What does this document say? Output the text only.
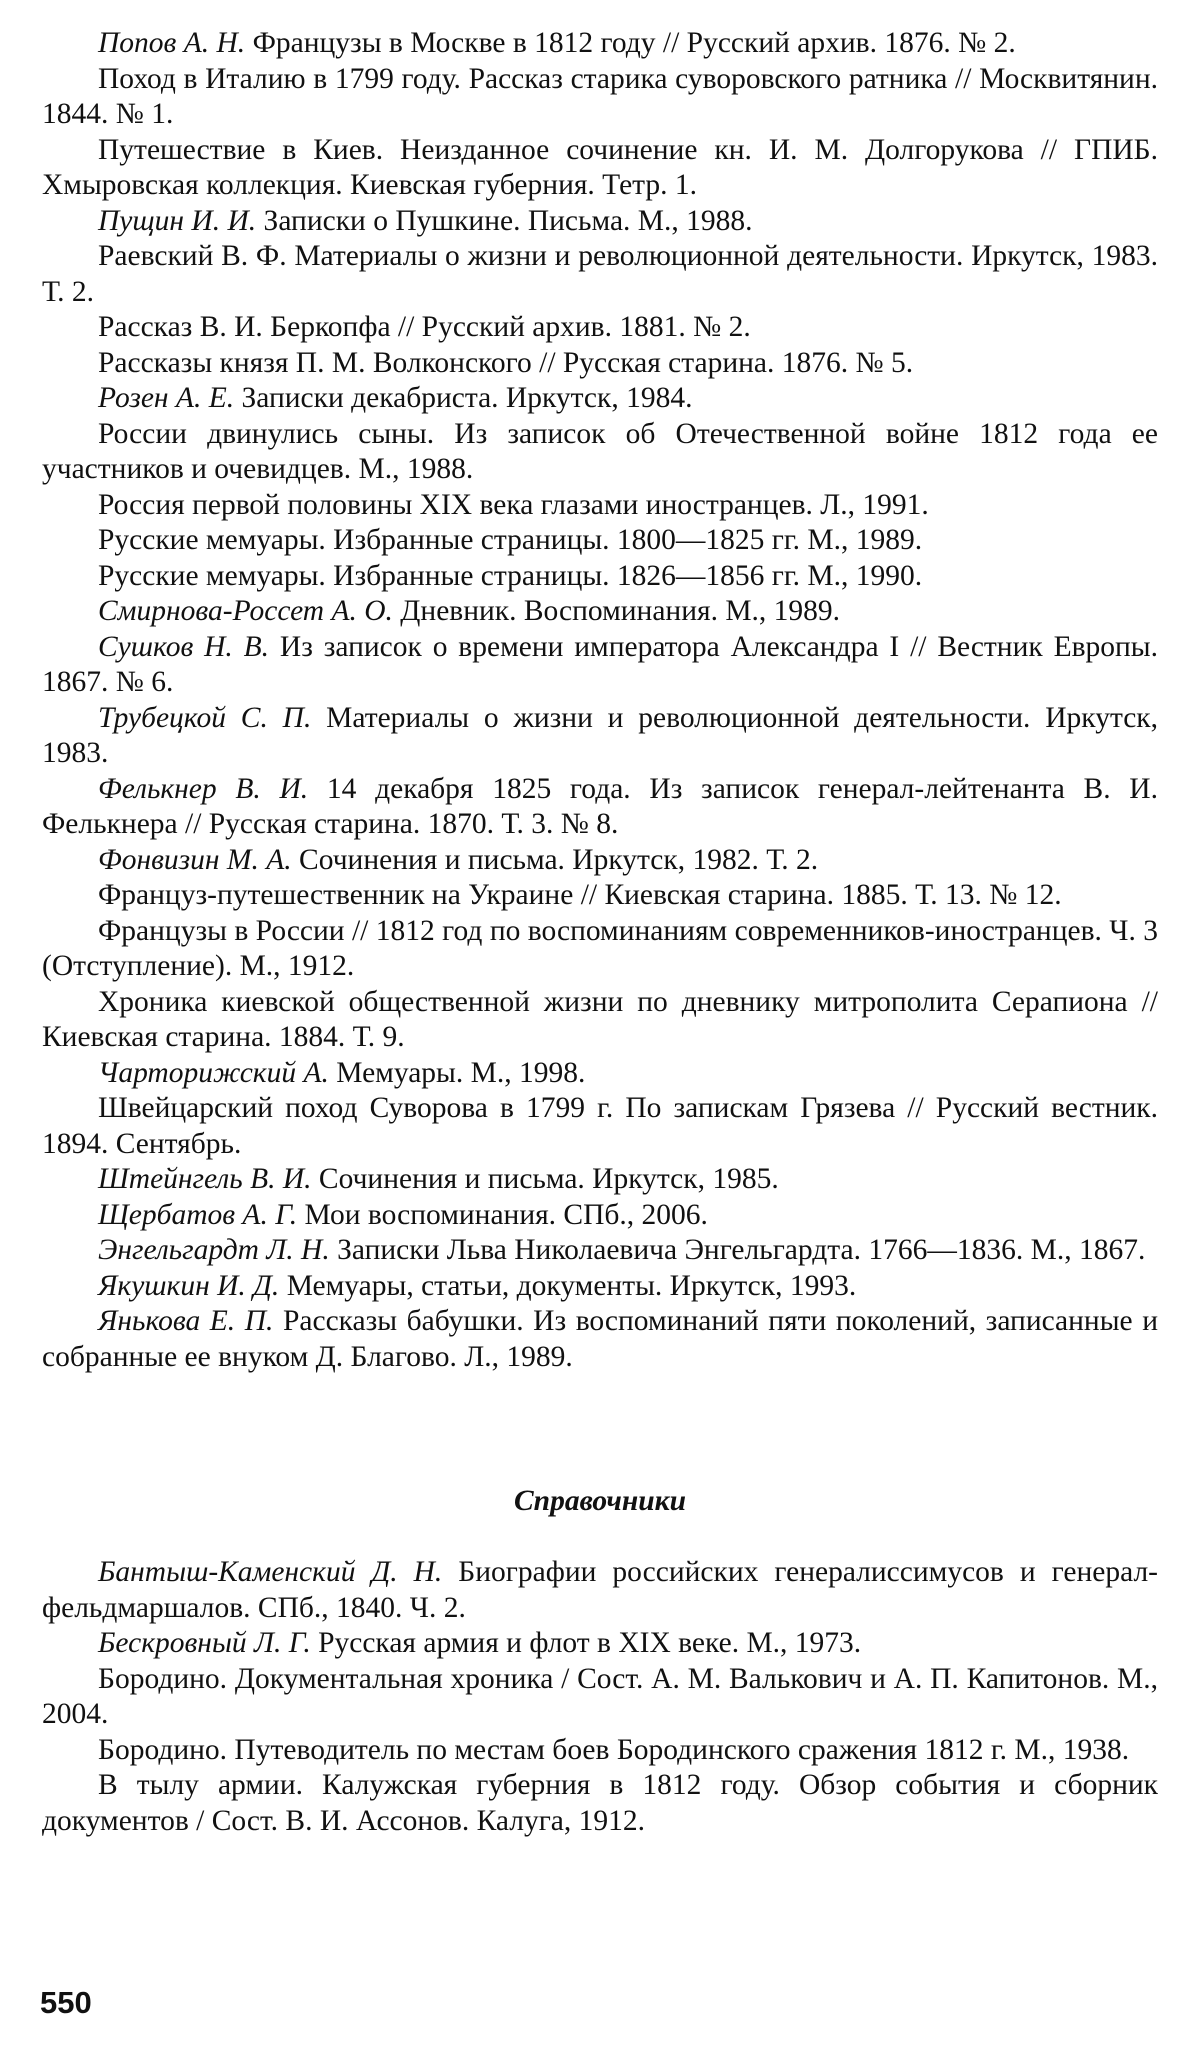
Попов А. Н. Французы в Москве в 1812 году // Русский архив. 1876. № 2.

Поход в Италию в 1799 году. Рассказ старика суворовского ратника // Москвитянин. 1844. № 1.

Путешествие в Киев. Неизданное сочинение кн. И. М. Долгорукова // ГПИБ. Хмыровская коллекция. Киевская губерния. Тетр. 1.

Пущин И. И. Записки о Пушкине. Письма. М., 1988.

Раевский В. Ф. Материалы о жизни и революционной деятельности. Иркутск, 1983. Т. 2.

Рассказ В. И. Беркопфа // Русский архив. 1881. № 2.

Рассказы князя П. М. Волконского // Русская старина. 1876. № 5.

Розен А. Е. Записки декабриста. Иркутск, 1984.

России двинулись сыны. Из записок об Отечественной войне 1812 года ее участников и очевидцев. М., 1988.

Россия первой половины XIX века глазами иностранцев. Л., 1991.

Русские мемуары. Избранные страницы. 1800—1825 гг. М., 1989.

Русские мемуары. Избранные страницы. 1826—1856 гг. М., 1990.

Смирнова-Россет А. О. Дневник. Воспоминания. М., 1989.

Сушков Н. В. Из записок о времени императора Александра I // Вестник Европы. 1867. № 6.

Трубецкой С. П. Материалы о жизни и революционной деятельности. Иркутск, 1983.

Фелькнер В. И. 14 декабря 1825 года. Из записок генерал-лейтенанта В. И. Фелькнера // Русская старина. 1870. Т. 3. № 8.

Фонвизин М. А. Сочинения и письма. Иркутск, 1982. Т. 2.

Француз-путешественник на Украине // Киевская старина. 1885. Т. 13. № 12.

Французы в России // 1812 год по воспоминаниям современников-иностранцев. Ч. 3 (Отступление). М., 1912.

Хроника киевской общественной жизни по дневнику митрополита Серапиона // Киевская старина. 1884. Т. 9.

Чарторижский А. Мемуары. М., 1998.

Швейцарский поход Суворова в 1799 г. По запискам Грязева // Русский вестник. 1894. Сентябрь.

Штейнгель В. И. Сочинения и письма. Иркутск, 1985.

Щербатов А. Г. Мои воспоминания. СПб., 2006.

Энгельгардт Л. Н. Записки Льва Николаевича Энгельгардта. 1766—1836. М., 1867.

Якушкин И. Д. Мемуары, статьи, документы. Иркутск, 1993.

Янькова Е. П. Рассказы бабушки. Из воспоминаний пяти поколений, записанные и собранные ее внуком Д. Благово. Л., 1989.

Справочники

Бантыш-Каменский Д. Н. Биографии российских генералиссимусов и генерал-фельдмаршалов. СПб., 1840. Ч. 2.

Бескровный Л. Г. Русская армия и флот в XIX веке. М., 1973.

Бородино. Документальная хроника / Сост. А. М. Валькович и А. П. Капитонов. М., 2004.

Бородино. Путеводитель по местам боев Бородинского сражения 1812 г. М., 1938.

В тылу армии. Калужская губерния в 1812 году. Обзор события и сборник документов / Сост. В. И. Ассонов. Калуга, 1912.

550
